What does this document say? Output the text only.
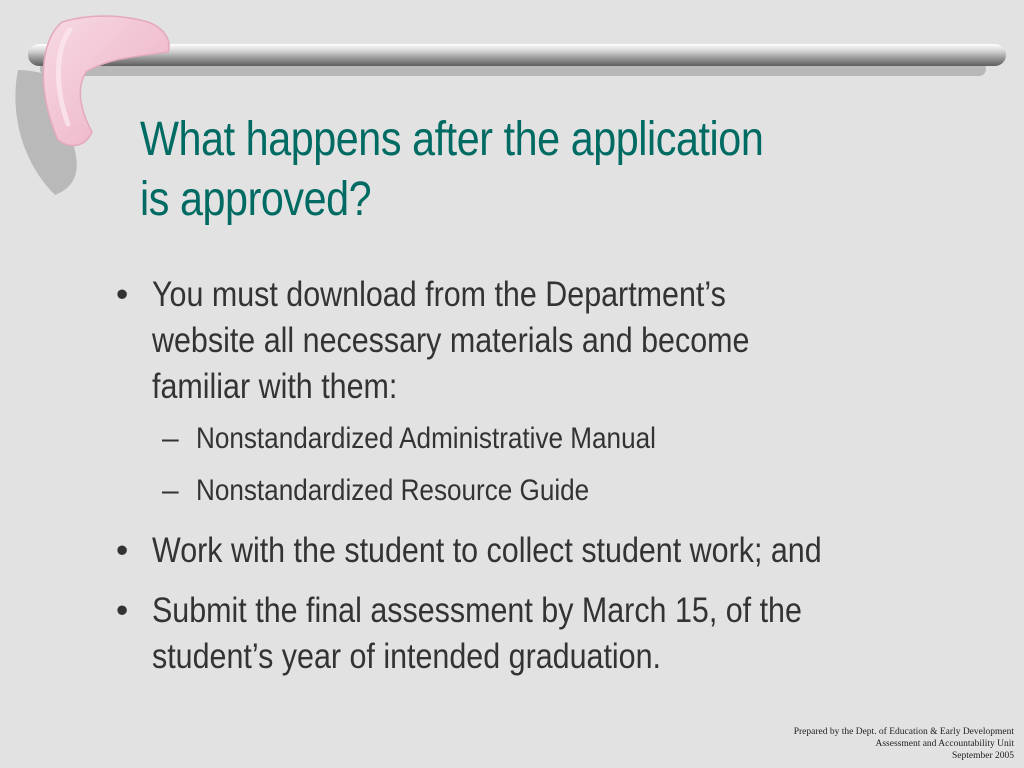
What happens after the application
is approved?
• You must download from the Department’s
website all necessary materials and become
familiar with them:
– Nonstandardized Administrative Manual
– Nonstandardized Resource Guide
• Work with the student to collect student work; and
• Submit the final assessment by March 15, of the
student’s year of intended graduation.
Prepared by the Dept. of Education & Early Development
Assessment and Accountability Unit
September 2005
